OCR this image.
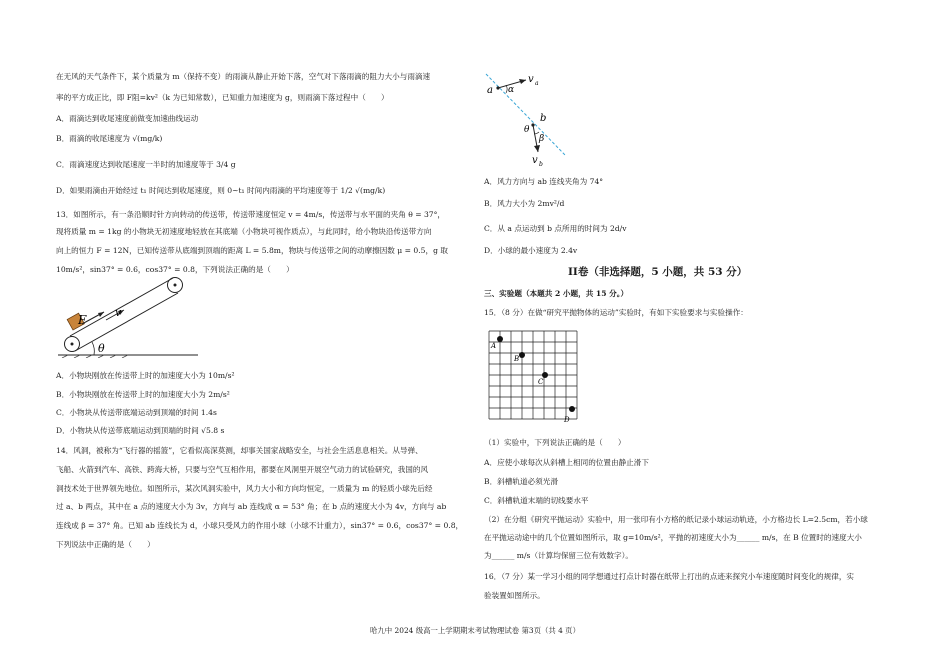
在无风的天气条件下，某个质量为 m（保持不变）的雨滴从静止开始下落，空气对下落雨滴的阻力大小与雨滴速
率的平方成正比，即 F阻=kv²（k 为已知常数），已知重力加速度为 g，则雨滴下落过程中（　　）
A．雨滴达到收尾速度前做变加速曲线运动
B．雨滴的收尾速度为 √(mg/k)
C．雨滴速度达到收尾速度一半时的加速度等于 3/4 g
D．如果雨滴由开始经过 t₁ 时间达到收尾速度，则 0~t₁ 时间内雨滴的平均速度等于 1/2 √(mg/k)
13．如图所示，有一条沿顺时针方向转动的传送带，传送带速度恒定 v = 4m/s，传送带与水平面的夹角 θ = 37°，
现将质量 m = 1kg 的小物块无初速度地轻放在其底端（小物块可视作质点），与此同时，给小物块沿传送带方向
向上的恒力 F = 12N，已知传送带从底端到顶端的距离 L = 5.8m，物块与传送带之间的动摩擦因数 μ = 0.5，g 取
10m/s²，sin37° = 0.6，cos37° = 0.8，下列说法正确的是（　　）
F
v
θ
A．小物块刚放在传送带上时的加速度大小为 10m/s²
B．小物块刚放在传送带上时的加速度大小为 2m/s²
C．小物块从传送带底端运动到顶端的时间 1.4s
D．小物块从传送带底端运动到顶端的时间 √5.8 s
14．风洞，被称为“飞行器的摇篮”，它看似高深莫测，却事关国家战略安全，与社会生活息息相关。从导弹、
飞船、火箭到汽车、高铁、跨海大桥，只要与空气互相作用，都要在风洞里开展空气动力的试验研究，我国的风
洞技术处于世界领先地位。如图所示，某次风洞实验中，风力大小和方向均恒定，一质量为 m 的轻质小球先后经
过 a、b 两点，其中在 a 点的速度大小为 3v，方向与 ab 连线成 α = 53° 角；在 b 点的速度大小为 4v，方向与 ab
连线成 β = 37° 角。已知 ab 连线长为 d，小球只受风力的作用小球（小球不计重力），sin37° = 0.6，cos37° = 0.8，
下列说法中正确的是（　　）
a α
v a
b
θ
β
v b
A．风力方向与 ab 连线夹角为 74°
B．风力大小为 2mv²/d
C．从 a 点运动到 b 点所用的时间为 2d/v
D．小球的最小速度为 2.4v
II卷（非选择题，5 小题，共 53 分）
三、实验题（本题共 2 小题，共 15 分。）
15．（8 分）在做“研究平抛物体的运动”实验时，有如下实验要求与实验操作：
A
B
C
D
（1）实验中，下列说法正确的是（　　）
A．应使小球每次从斜槽上相同的位置由静止滑下
B．斜槽轨道必须光滑
C．斜槽轨道末端的切线要水平
（2）在分组《研究平抛运动》实验中，用一张印有小方格的纸记录小球运动轨迹，小方格边长 L=2.5cm，若小球
在平抛运动途中的几个位置如图所示，取 g=10m/s²，平抛的初速度大小为______ m/s，在 B 位置时的速度大小
为______ m/s（计算均保留三位有效数字）。
16．（7 分）某一学习小组的同学想通过打点计时器在纸带上打出的点迹来探究小车速度随时间变化的规律，实
验装置如图所示。
哈九中 2024 级高一上学期期末考试物理试卷 第3页（共 4 页）
